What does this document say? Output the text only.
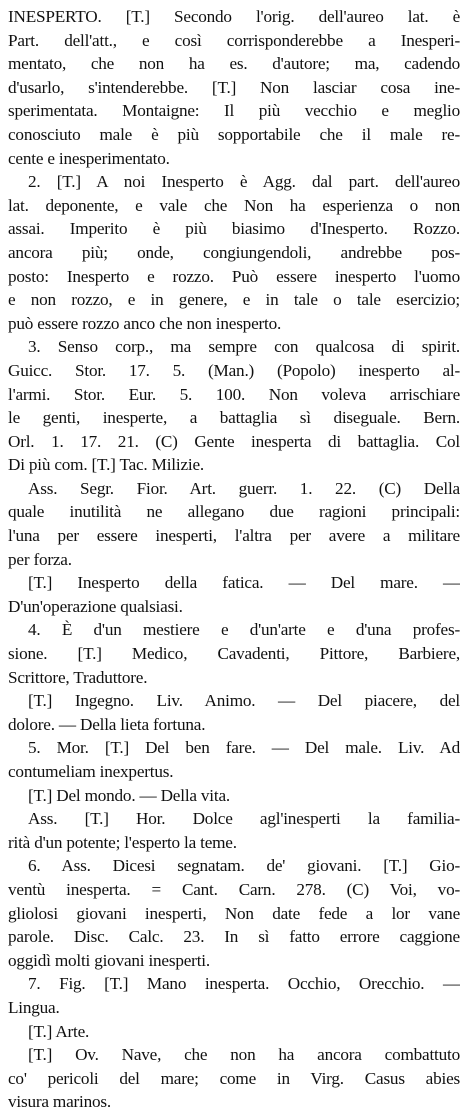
INESPERTO. [T.] Secondo l'orig. dell'aureo lat. è
Part. dell'att., e così corrisponderebbe a Inesperi-
mentato, che non ha es. d'autore; ma, cadendo
d'usarlo, s'intenderebbe. [T.] Non lasciar cosa ine-
sperimentata. Montaigne: Il più vecchio e meglio
conosciuto male è più sopportabile che il male re-
cente e inesperimentato.
2. [T.] A noi Inesperto è Agg. dal part. dell'aureo
lat. deponente, e vale che Non ha esperienza o non
assai. Imperito è più biasimo d'Inesperto. Rozzo.
ancora più; onde, congiungendoli, andrebbe pos-
posto: Inesperto e rozzo. Può essere inesperto l'uomo
e non rozzo, e in genere, e in tale o tale esercizio;
può essere rozzo anco che non inesperto.
3. Senso corp., ma sempre con qualcosa di spirit.
Guicc. Stor. 17. 5. (Man.) (Popolo) inesperto al-
l'armi. Stor. Eur. 5. 100. Non voleva arrischiare
le genti, inesperte, a battaglia sì diseguale. Bern.
Orl. 1. 17. 21. (C) Gente inesperta di battaglia. Col
Di più com. [T.] Tac. Milizie.
Ass. Segr. Fior. Art. guerr. 1. 22. (C) Della
quale inutilità ne allegano due ragioni principali:
l'una per essere inesperti, l'altra per avere a militare
per forza.
[T.] Inesperto della fatica. — Del mare. —
D'un'operazione qualsiasi.
4. È d'un mestiere e d'un'arte e d'una profes-
sione. [T.] Medico, Cavadenti, Pittore, Barbiere,
Scrittore, Traduttore.
[T.] Ingegno. Liv. Animo. — Del piacere, del
dolore. — Della lieta fortuna.
5. Mor. [T.] Del ben fare. — Del male. Liv. Ad
contumeliam inexpertus.
[T.] Del mondo. — Della vita.
Ass. [T.] Hor. Dolce agl'inesperti la familia-
rità d'un potente; l'esperto la teme.
6. Ass. Dicesi segnatam. de' giovani. [T.] Gio-
ventù inesperta. = Cant. Carn. 278. (C) Voi, vo-
gliolosi giovani inesperti, Non date fede a lor vane
parole. Disc. Calc. 23. In sì fatto errore caggione
oggidì molti giovani inesperti.
7. Fig. [T.] Mano inesperta. Occhio, Orecchio. —
Lingua.
[T.] Arte.
[T.] Ov. Nave, che non ha ancora combattuto
co' pericoli del mare; come in Virg. Casus abies
visura marinos.
